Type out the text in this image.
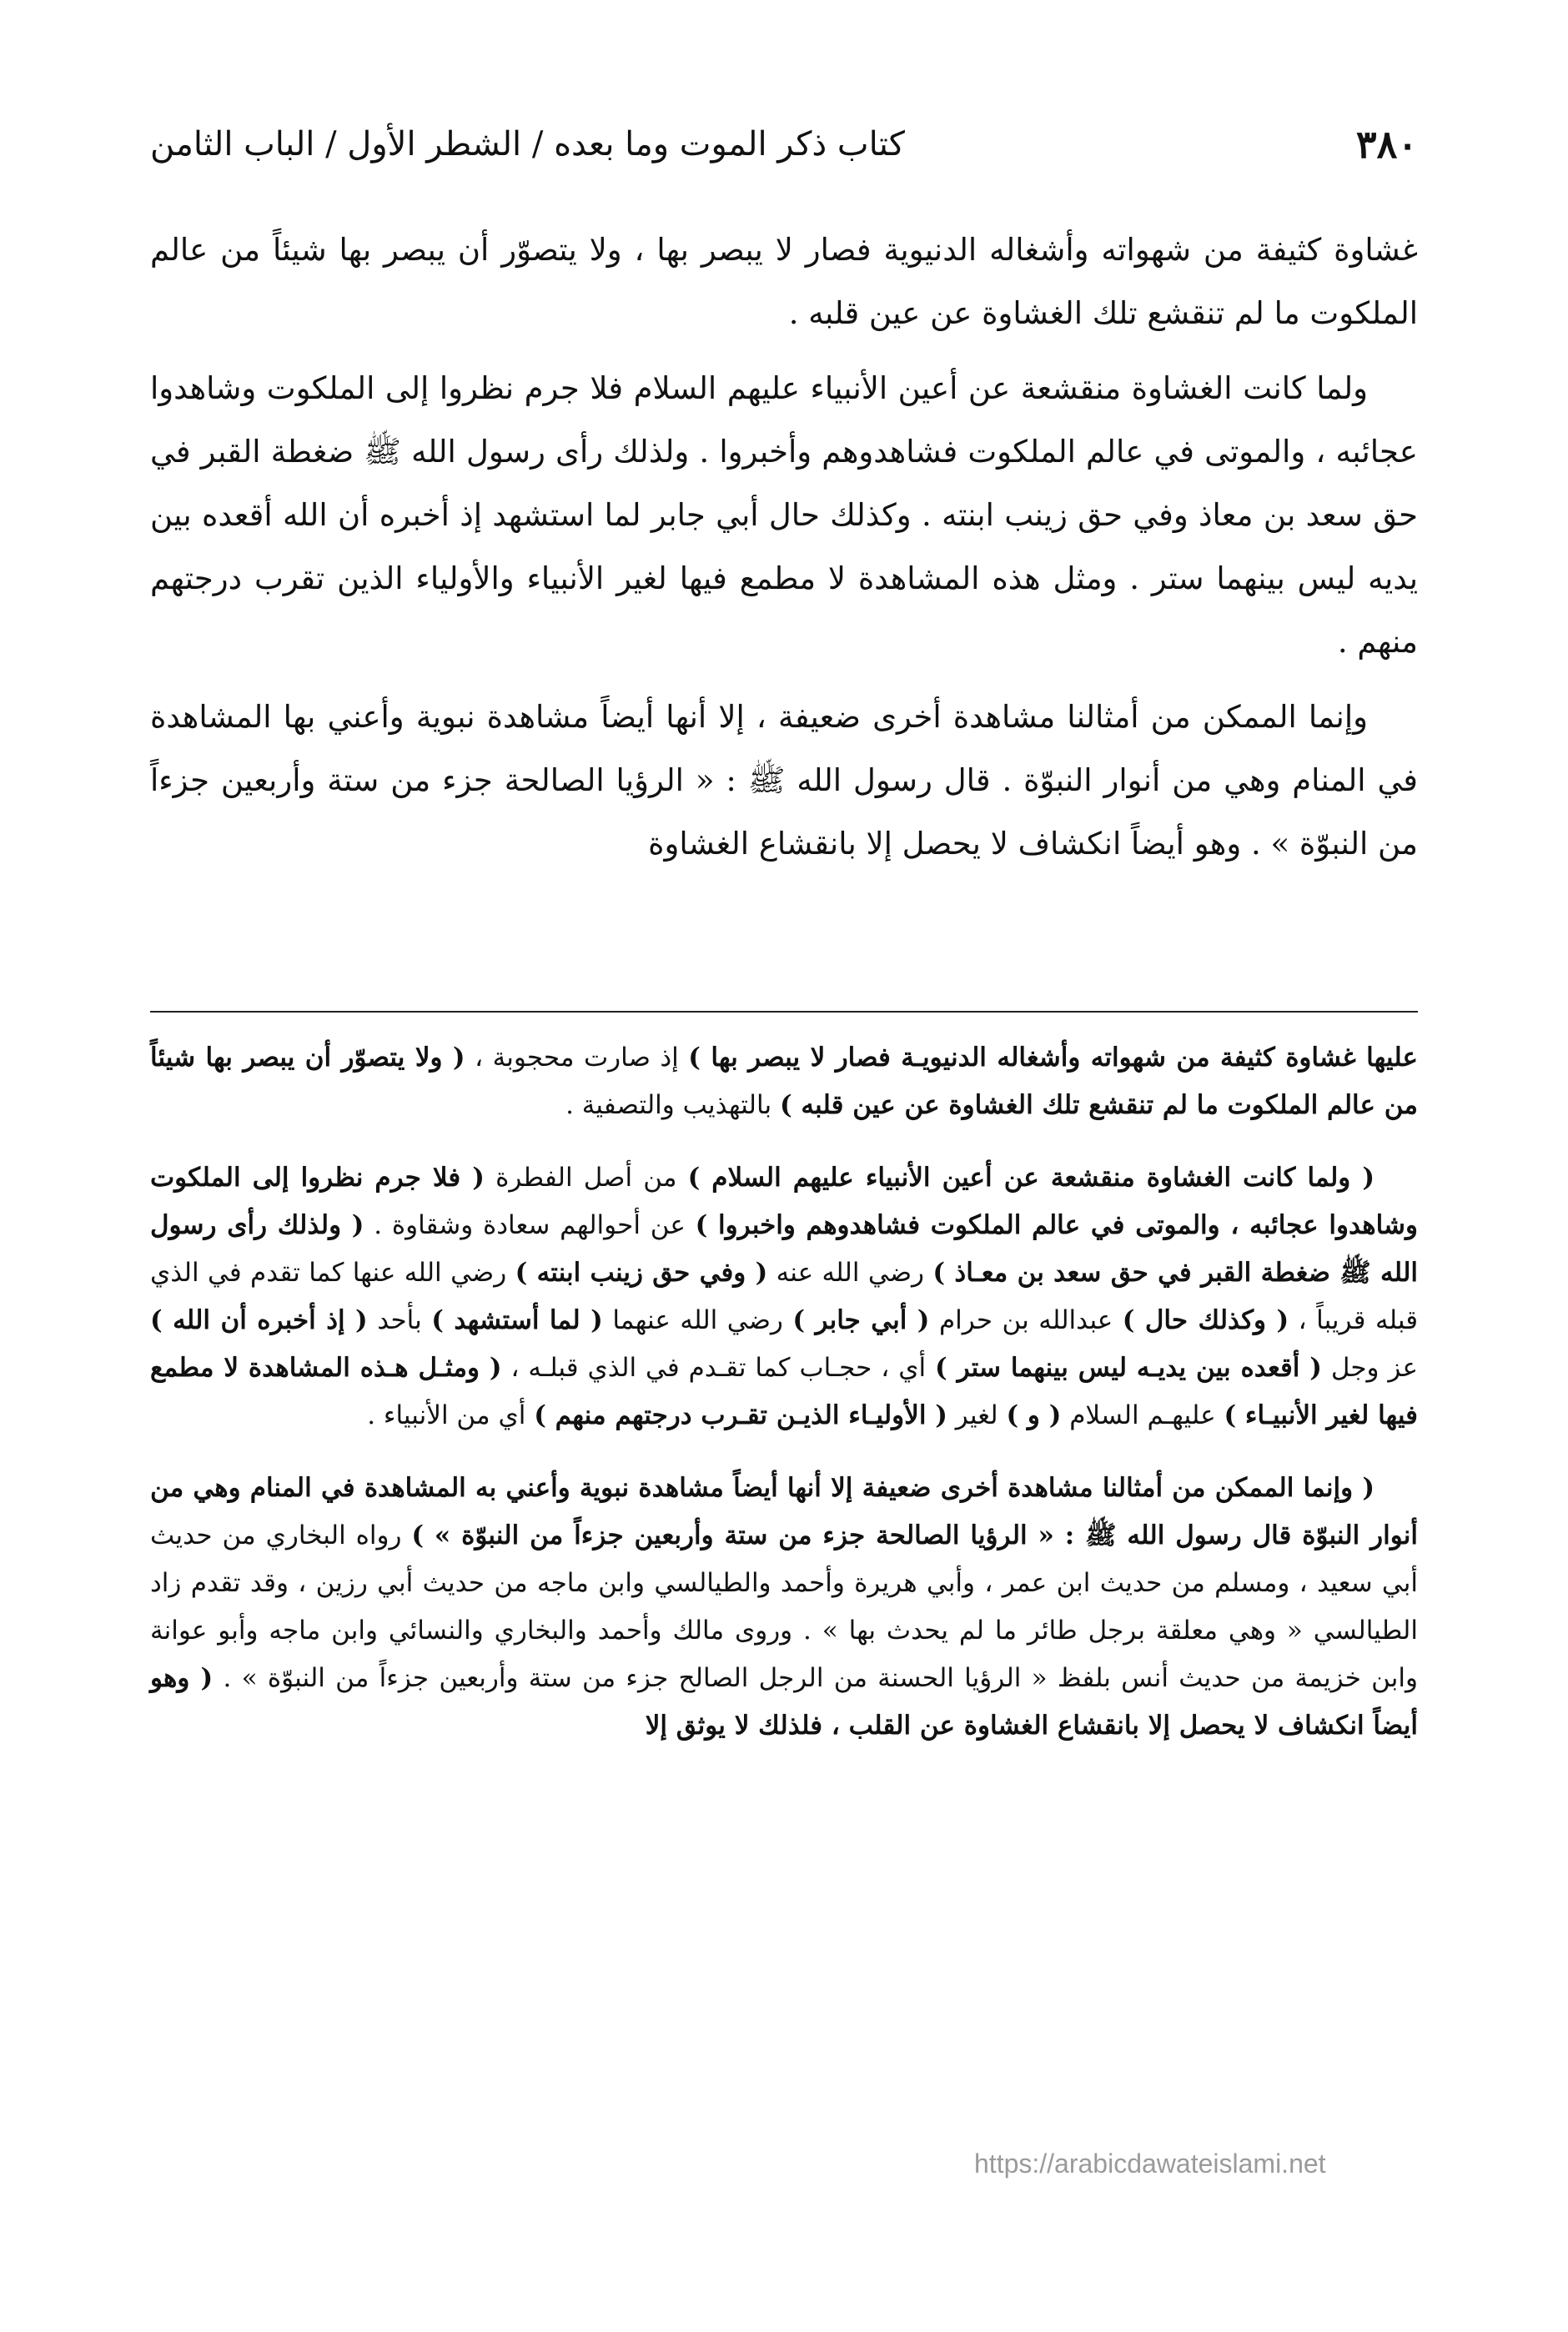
٣٨٠
كتاب ذكر الموت وما بعده / الشطر الأول / الباب الثامن

غشاوة كثيفة من شهواته وأشغاله الدنيوية فصار لا يبصر بها ، ولا يتصوّر أن يبصر بها شيئاً من عالم الملكوت ما لم تنقشع تلك الغشاوة عن عين قلبه .

ولما كانت الغشاوة منقشعة عن أعين الأنبياء عليهم السلام فلا جرم نظروا إلى الملكوت وشاهدوا عجائبه ، والموتى في عالم الملكوت فشاهدوهم وأخبروا . ولذلك رأى رسول الله ﷺ ضغطة القبر في حق سعد بن معاذ وفي حق زينب ابنته . وكذلك حال أبي جابر لما استشهد إذ أخبره أن الله أقعده بين يديه ليس بينهما ستر . ومثل هذه المشاهدة لا مطمع فيها لغير الأنبياء والأولياء الذين تقرب درجتهم منهم .

وإنما الممكن من أمثالنا مشاهدة أخرى ضعيفة ، إلا أنها أيضاً مشاهدة نبوية وأعني بها المشاهدة في المنام وهي من أنوار النبوّة . قال رسول الله ﷺ : « الرؤيا الصالحة جزء من ستة وأربعين جزءاً من النبوّة » . وهو أيضاً انكشاف لا يحصل إلا بانقشاع الغشاوة

عليها غشاوة كثيفة من شهواته وأشغاله الدنيويـة فصار لا يبصر بها ) إذ صارت محجوبة ، ( ولا يتصوّر أن يبصر بها شيئاً من عالم الملكوت ما لم تنقشع تلك الغشاوة عن عين قلبه ) بالتهذيب والتصفية .

( ولما كانت الغشاوة منقشعة عن أعين الأنبياء عليهم السلام ) من أصل الفطرة ( فلا جرم نظروا إلى الملكوت وشاهدوا عجائبه ، والموتى في عالم الملكوت فشاهدوهم واخبروا ) عن أحوالهم سعادة وشقاوة . ( ولذلك رأى رسول الله ﷺ ضغطة القبر في حق سعد بن معـاذ ) رضي الله عنه ( وفي حق زينب ابنته ) رضي الله عنها كما تقدم في الذي قبله قريباً ، ( وكذلك حال ) عبدالله بن حرام ( أبي جابر ) رضي الله عنهما ( لما أستشهد ) بأحد ( إذ أخبره أن الله ) عز وجل ( أقعده بين يديـه ليس بينهما ستر ) أي ، حجـاب كما تقـدم في الذي قبلـه ، ( ومثـل هـذه المشاهدة لا مطمع فيها لغير الأنبيـاء ) عليهـم السلام ( و ) لغير ( الأوليـاء الذيـن تقـرب درجتهم منهم ) أي من الأنبياء .

( وإنما الممكن من أمثالنا مشاهدة أخرى ضعيفة إلا أنها أيضاً مشاهدة نبوية وأعني به المشاهدة في المنام وهي من أنوار النبوّة قال رسول الله ﷺ : « الرؤيا الصالحة جزء من ستة وأربعين جزءاً من النبوّة » ) رواه البخاري من حديث أبي سعيد ، ومسلم من حديث ابن عمر ، وأبي هريرة وأحمد والطيالسي وابن ماجه من حديث أبي رزين ، وقد تقدم زاد الطيالسي « وهي معلقة برجل طائر ما لم يحدث بها » . وروى مالك وأحمد والبخاري والنسائي وابن ماجه وأبو عوانة وابن خزيمة من حديث أنس بلفظ « الرؤيا الحسنة من الرجل الصالح جزء من ستة وأربعين جزءاً من النبوّة » . ( وهو أيضاً انكشاف لا يحصل إلا بانقشاع الغشاوة عن القلب ، فلذلك لا يوثق إلا

https://arabicdawateislami.net
